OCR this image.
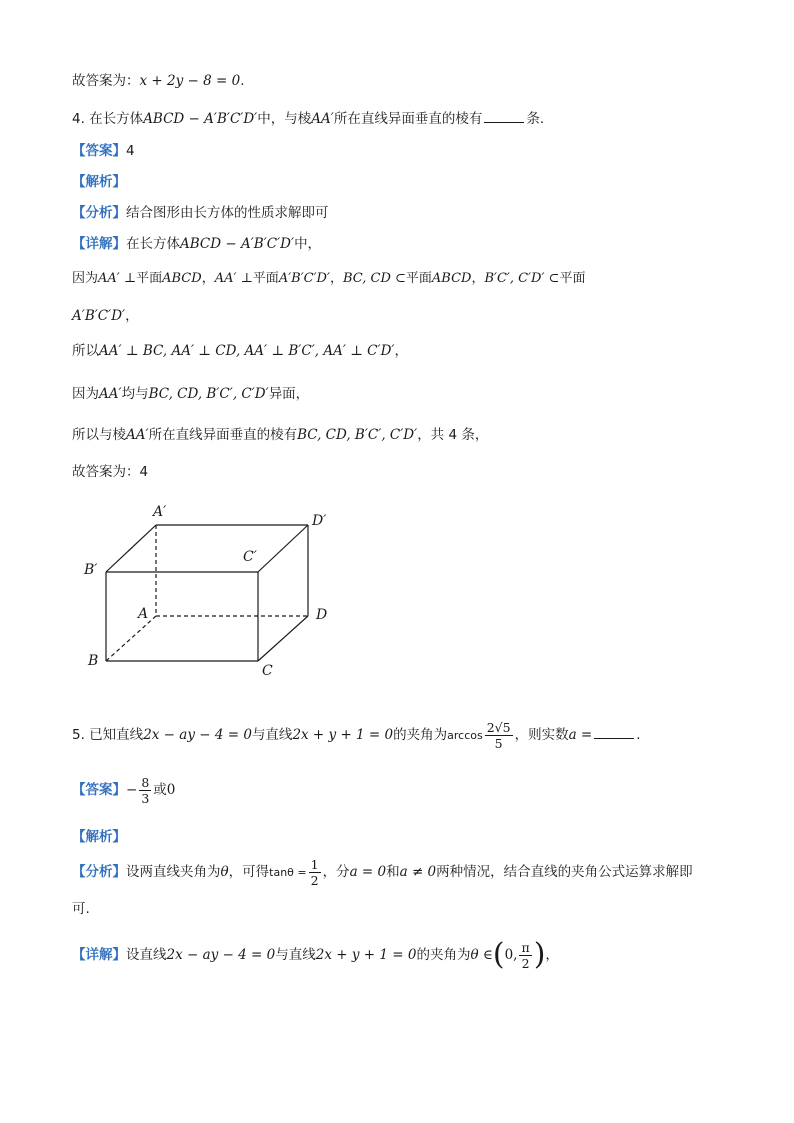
故答案为：x + 2y − 8 = 0.
4. 在长方体ABCD − A′B′C′D′中，与棱AA′所在直线异面垂直的棱有	条.
【答案】4
【解析】
【分析】结合图形由长方体的性质求解即可
【详解】在长方体ABCD − A′B′C′D′中，
因为AA′ ⊥平面ABCD，AA′ ⊥平面A′B′C′D′，BC, CD ⊂平面ABCD，B′C′, C′D′ ⊂平面
A′B′C′D′，
所以AA′ ⊥ BC, AA′ ⊥ CD, AA′ ⊥ B′C′, AA′ ⊥ C′D′，
因为AA′均与BC, CD, B′C′, C′D′异面，
所以与棱AA′所在直线异面垂直的棱有BC, CD, B′C′, C′D′，共 4 条，
故答案为：4
A′
D′
B′
C′
A	D
B
C
5. 已知直线2x − ay − 4 = 0与直线2x + y + 1 = 0的夹角为$\arccos \frac{2√5}{5}$ ，则实数a =	.
【答案】− $\frac{8}{3}$ 或0
【解析】
【分析】设两直线夹角为θ，可得$\tan\theta = \frac{1}{2}$ ，分a = 0和a ≠ 0两种情况，结合直线的夹角公式运算求解即
可.
【详解】设直线2x − ay − 4 = 0与直线2x + y + 1 = 0的夹角为θ ∈(0, $\frac{\pi}{2}$ )，
